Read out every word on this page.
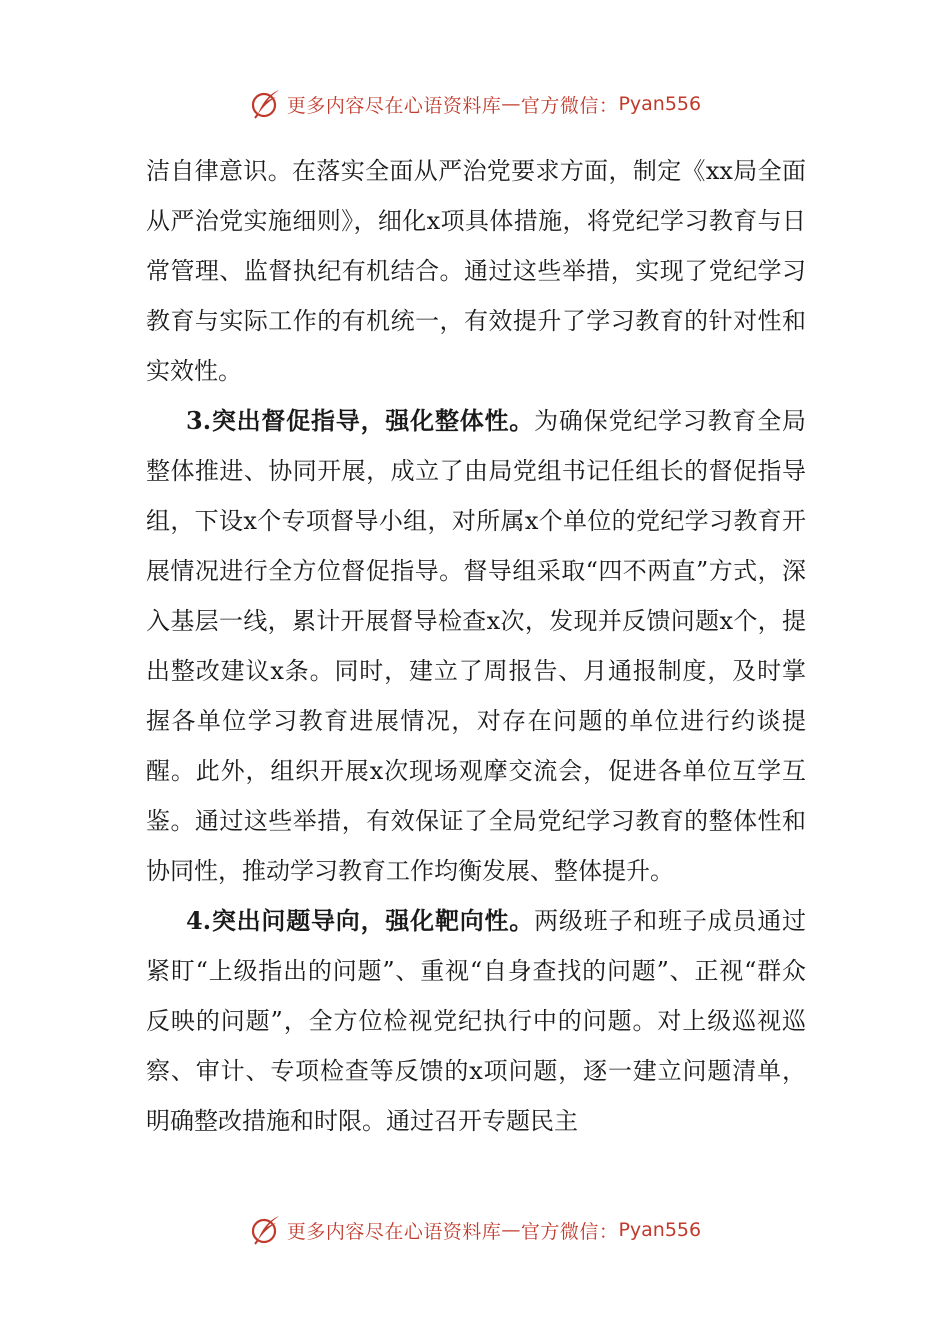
更多内容尽在心语资料库 — 官方微信： Pyan556

洁自律意识。在落实全面从严治党要求方面，制定《xx局全面从严治党实施细则》，细化x项具体措施，将党纪学习教育与日常管理、监督执纪有机结合。通过这些举措，实现了党纪学习教育与实际工作的有机统一，有效提升了学习教育的针对性和实效性。

3.突出督促指导，强化整体性。为确保党纪学习教育全局整体推进、协同开展，成立了由局党组书记任组长的督促指导组，下设x个专项督导小组，对所属x个单位的党纪学习教育开展情况进行全方位督促指导。督导组采取“四不两直”方式，深入基层一线，累计开展督导检查x次，发现并反馈问题x个，提出整改建议x条。同时，建立了周报告、月通报制度，及时掌握各单位学习教育进展情况，对存在问题的单位进行约谈提醒。此外，组织开展x次现场观摩交流会，促进各单位互学互鉴。通过这些举措，有效保证了全局党纪学习教育的整体性和协同性，推动学习教育工作均衡发展、整体提升。

4.突出问题导向，强化靶向性。两级班子和班子成员通过紧盯“上级指出的问题”、重视“自身查找的问题”、正视“群众反映的问题”，全方位检视党纪执行中的问题。对上级巡视巡察、审计、专项检查等反馈的x项问题，逐一建立问题清单，明确整改措施和时限。通过召开专题民主

更多内容尽在心语资料库 — 官方微信： Pyan556
